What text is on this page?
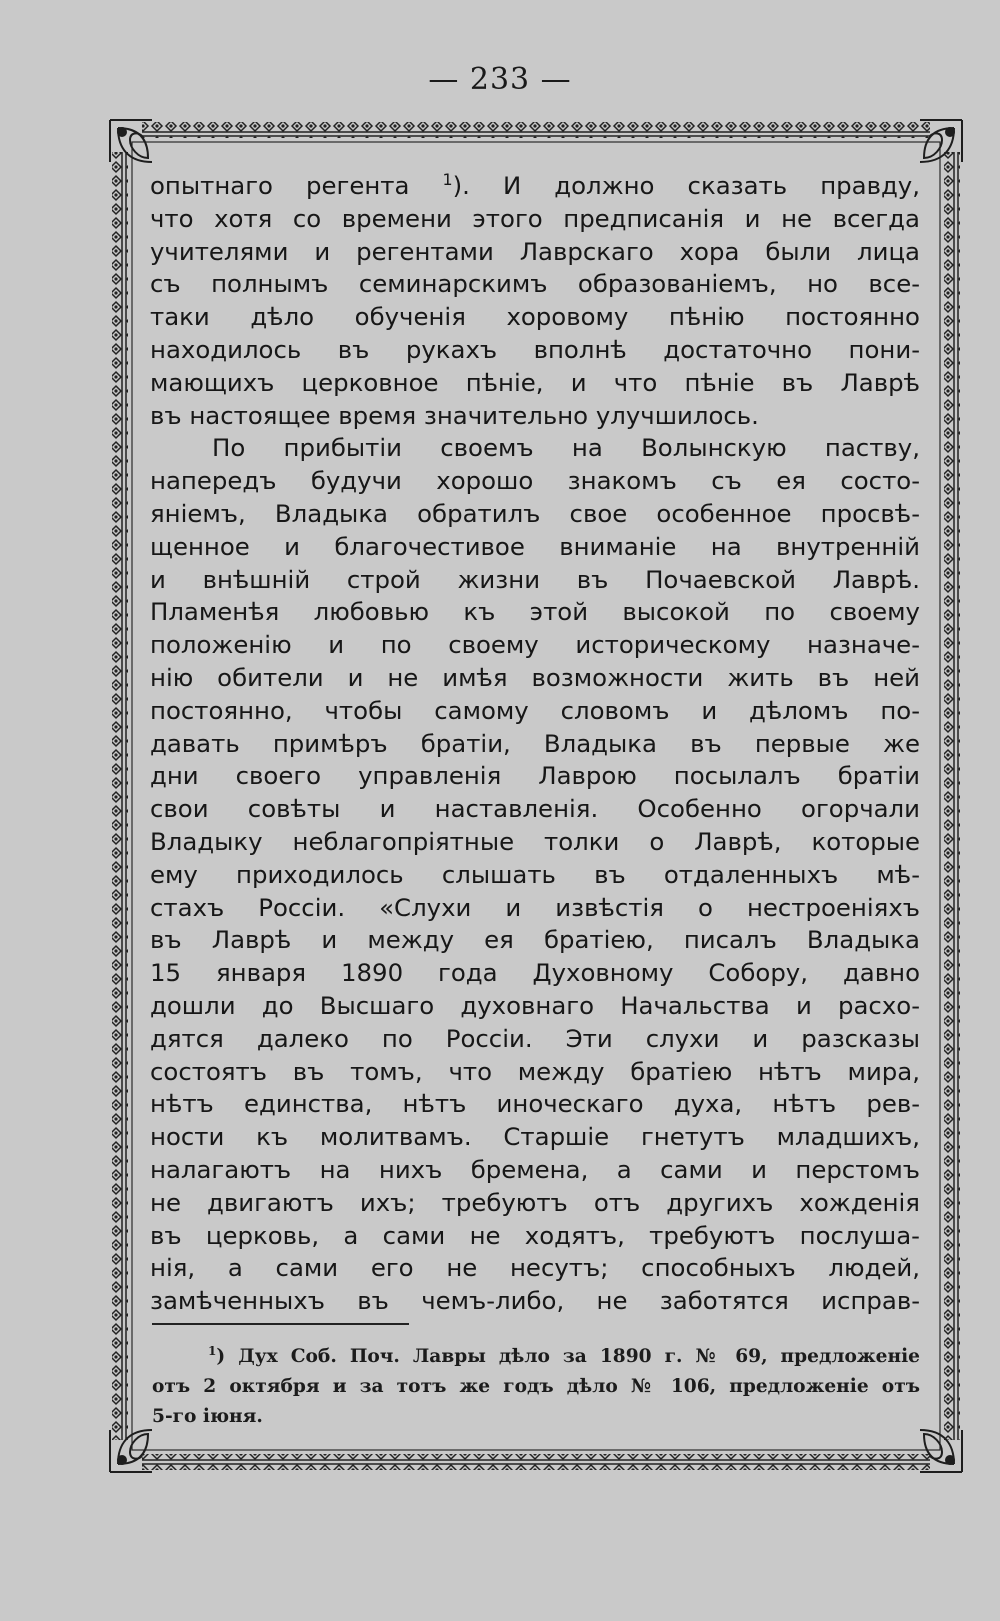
— 233 —
опытнаго регента $^1$). И должно сказать правду,
что хотя со времени этого предписанія и не всегда
учителями и регентами Лаврскаго хора были лица
съ полнымъ семинарскимъ образованіемъ, но все-
таки дѣло обученія хоровому пѣнію постоянно
находилось въ рукахъ вполнѣ достаточно пони-
мающихъ церковное пѣніе, и что пѣніе въ Лаврѣ
въ настоящее время значительно улучшилось.
По прибытіи своемъ на Волынскую паству,
напередъ будучи хорошо знакомъ съ ея состо-
яніемъ, Владыка обратилъ свое особенное просвѣ-
щенное и благочестивое вниманіе на внутренній
и внѣшній строй жизни въ Почаевской Лаврѣ.
Пламенѣя любовью къ этой высокой по своему
положенію и по своему историческому назначе-
нію обители и не имѣя возможности жить въ ней
постоянно, чтобы самому словомъ и дѣломъ по-
давать примѣръ братіи, Владыка въ первые же
дни своего управленія Лаврою посылалъ братіи
свои совѣты и наставленія. Особенно огорчали
Владыку неблагопріятные толки о Лаврѣ, которые
ему приходилось слышать въ отдаленныхъ мѣ-
стахъ Россіи. «Слухи и извѣстія о нестроеніяхъ
въ Лаврѣ и между ея братіею, писалъ Владыка
15 января 1890 года Духовному Собору, давно
дошли до Высшаго духовнаго Начальства и расхо-
дятся далеко по Россіи. Эти слухи и разсказы
состоятъ въ томъ, что между братіею нѣтъ мира,
нѣтъ единства, нѣтъ иноческаго духа, нѣтъ рев-
ности къ молитвамъ. Старшіе гнетутъ младшихъ,
налагаютъ на нихъ бремена, а сами и перстомъ
не двигаютъ ихъ; требуютъ отъ другихъ хожденія
въ церковь, а сами не ходятъ, требуютъ послуша-
нія, а сами его не несутъ; способныхъ людей,
замѣченныхъ въ чемъ-либо, не заботятся исправ-
$^1$) Дух Соб. Поч. Лавры дѣло за 1890 г. № 69, предложеніе
отъ 2 октября и за тотъ же годъ дѣло № 106, предложеніе отъ
5-го іюня.
